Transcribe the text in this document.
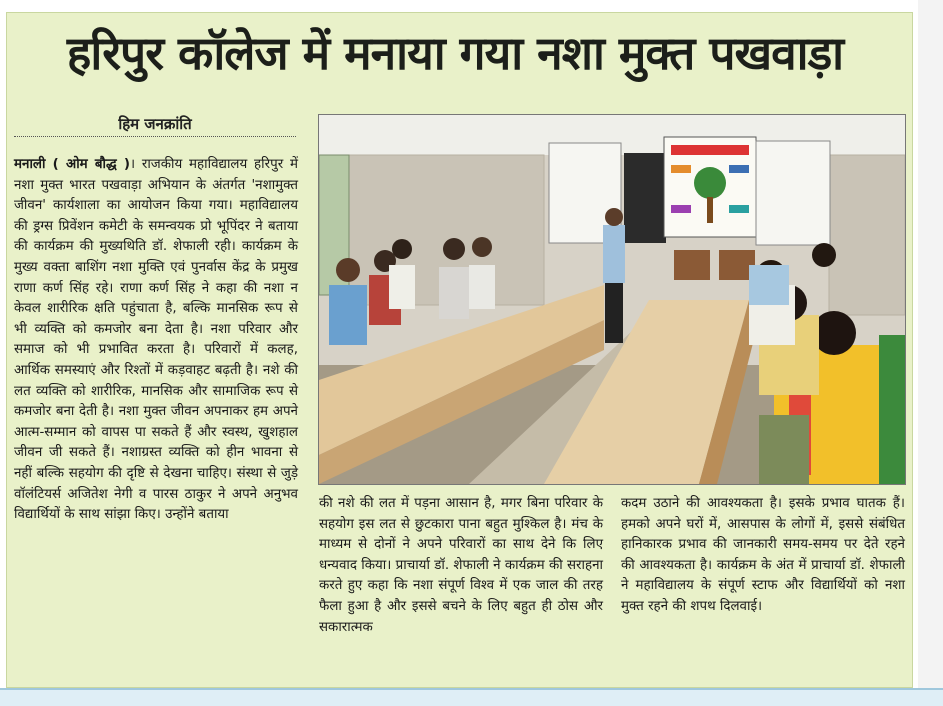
हरिपुर कॉलेज में मनाया गया नशा मुक्त पखवाड़ा
हिम जनक्रांति
मनाली ( ओम बौद्ध )। राजकीय महाविद्यालय हरिपुर में नशा मुक्त भारत पखवाड़ा अभियान के अंतर्गत 'नशामुक्त जीवन' कार्यशाला का आयोजन किया गया। महाविद्यालय की ड्रग्स प्रिवेंशन कमेटी के समन्वयक प्रो भूपिंदर ने बताया की कार्यक्रम की मुख्यथिति डॉ. शेफाली रही। कार्यक्रम के मुख्य वक्ता बाशिंग नशा मुक्ति एवं पुनर्वास केंद्र के प्रमुख राणा कर्ण सिंह रहे। राणा कर्ण सिंह ने कहा की नशा न केवल शारीरिक क्षति पहुंचाता है, बल्कि मानसिक रूप से भी व्यक्ति को कमजोर बना देता है। नशा परिवार और समाज को भी प्रभावित करता है। परिवारों में कलह, आर्थिक समस्याएं और रिश्तों में कड़वाहट बढ़ती है। नशे की लत व्यक्ति को शारीरिक, मानसिक और सामाजिक रूप से कमजोर बना देती है। नशा मुक्त जीवन अपनाकर हम अपने आत्म-सम्मान को वापस पा सकते हैं और स्वस्थ, खुशहाल जीवन जी सकते हैं। नशाग्रस्त व्यक्ति को हीन भावना से नहीं बल्कि सहयोग की दृष्टि से देखना चाहिए। संस्था से जुड़े वॉलंटियर्स अजितेश नेगी व पारस ठाकुर ने अपने अनुभव विद्यार्थियों के साथ सांझा किए। उन्होंने बताया
की नशे की लत में पड़ना आसान है, मगर बिना परिवार के सहयोग इस लत से छुटकारा पाना बहुत मुश्किल है। मंच के माध्यम से दोनों ने अपने परिवारों का साथ देने कि लिए धन्यवाद किया। प्राचार्या डॉ. शेफाली ने कार्यक्रम की सराहना करते हुए कहा कि नशा संपूर्ण विश्व में एक जाल की तरह फैला हुआ है और इससे बचने के लिए बहुत ही ठोस और सकारात्मक
कदम उठाने की आवश्यकता है। इसके प्रभाव घातक हैं। हमको अपने घरों में, आसपास के लोगों में, इससे संबंधित हानिकारक प्रभाव की जानकारी समय-समय पर देते रहने की आवश्यकता है। कार्यक्रम के अंत में प्राचार्या डॉ. शेफाली ने महाविद्यालय के संपूर्ण स्टाफ और विद्यार्थियों को नशा मुक्त रहने की शपथ दिलवाई।
